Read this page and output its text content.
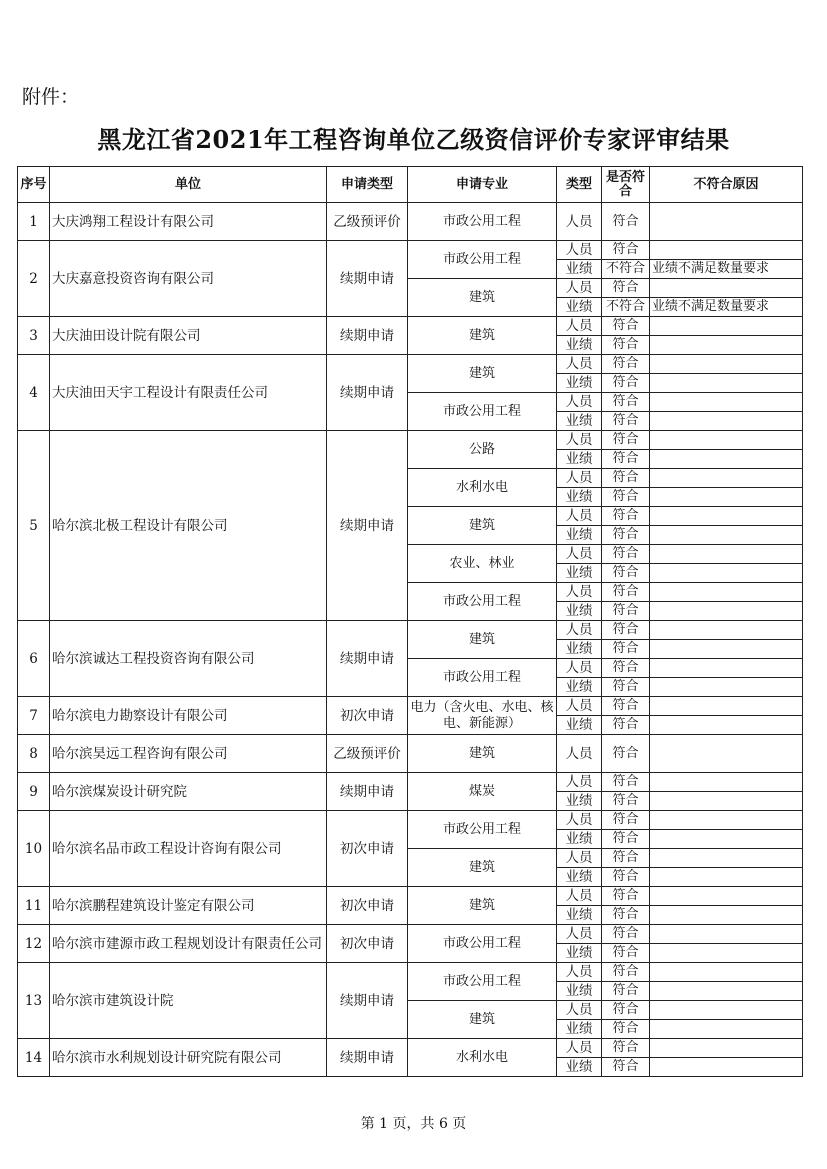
附件：
黑龙江省2021年工程咨询单位乙级资信评价专家评审结果
序号	单位	申请类型	申请专业	类型	是否符合	不符合原因
1	大庆鸿翔工程设计有限公司	乙级预评价	市政公用工程	人员	符合	

2	大庆嘉意投资咨询有限公司	续期申请	市政公用工程	人员	符合	
				业绩	不符合	业绩不满足数量要求
			建筑	人员	符合	
				业绩	不符合	业绩不满足数量要求
3	大庆油田设计院有限公司	续期申请	建筑	人员	符合	
				业绩	符合	
4	大庆油田天宇工程设计有限责任公司	续期申请	建筑	人员	符合	
				业绩	符合	
			市政公用工程	人员	符合	
				业绩	符合	
5	哈尔滨北极工程设计有限公司	续期申请	公路	人员	符合	
				业绩	符合	
			水利水电	人员	符合	
				业绩	符合	
			建筑	人员	符合	
				业绩	符合	
			农业、林业	人员	符合	
				业绩	符合	
			市政公用工程	人员	符合	
				业绩	符合	
6	哈尔滨诚达工程投资咨询有限公司	续期申请	建筑	人员	符合	
				业绩	符合	
			市政公用工程	人员	符合	
				业绩	符合	
7	哈尔滨电力勘察设计有限公司	初次申请	电力（含火电、水电、核电、新能源）	人员	符合	
				业绩	符合	
8	哈尔滨昊远工程咨询有限公司	乙级预评价	建筑	人员	符合	

9	哈尔滨煤炭设计研究院	续期申请	煤炭	人员	符合	
				业绩	符合	
10	哈尔滨名品市政工程设计咨询有限公司	初次申请	市政公用工程	人员	符合	
				业绩	符合	
			建筑	人员	符合	
				业绩	符合	
11	哈尔滨鹏程建筑设计鉴定有限公司	初次申请	建筑	人员	符合	
				业绩	符合	
12	哈尔滨市建源市政工程规划设计有限责任公司	初次申请	市政公用工程	人员	符合	
				业绩	符合	
13	哈尔滨市建筑设计院	续期申请	市政公用工程	人员	符合	
				业绩	符合	
			建筑	人员	符合	
				业绩	符合	
14	哈尔滨市水利规划设计研究院有限公司	续期申请	水利水电	人员	符合	
				业绩	符合	
第 1 页，共 6 页
